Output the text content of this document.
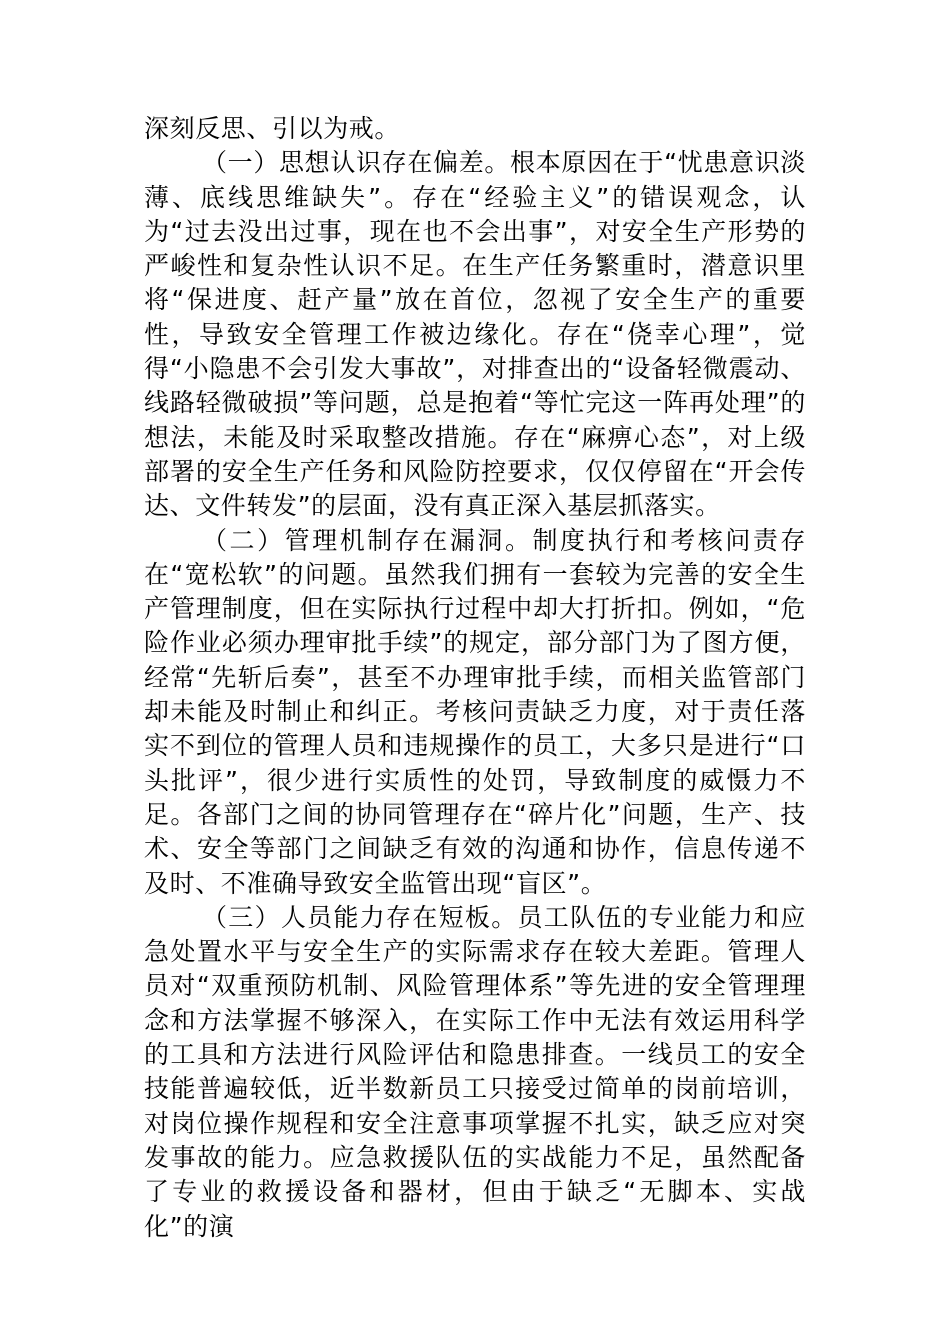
深刻反思、引以为戒。

（一）思想认识存在偏差。根本原因在于“忧患意识淡薄、底线思维缺失”。存在“经验主义”的错误观念，认为“过去没出过事，现在也不会出事”，对安全生产形势的严峻性和复杂性认识不足。在生产任务繁重时，潜意识里将“保进度、赶产量”放在首位，忽视了安全生产的重要性，导致安全管理工作被边缘化。存在“侥幸心理”，觉得“小隐患不会引发大事故”，对排查出的“设备轻微震动、线路轻微破损”等问题，总是抱着“等忙完这一阵再处理”的想法，未能及时采取整改措施。存在“麻痹心态”，对上级部署的安全生产任务和风险防控要求，仅仅停留在“开会传达、文件转发”的层面，没有真正深入基层抓落实。

（二）管理机制存在漏洞。制度执行和考核问责存在“宽松软”的问题。虽然我们拥有一套较为完善的安全生产管理制度，但在实际执行过程中却大打折扣。例如，“危险作业必须办理审批手续”的规定，部分部门为了图方便，经常“先斩后奏”，甚至不办理审批手续，而相关监管部门却未能及时制止和纠正。考核问责缺乏力度，对于责任落实不到位的管理人员和违规操作的员工，大多只是进行“口头批评”，很少进行实质性的处罚，导致制度的威慑力不足。各部门之间的协同管理存在“碎片化”问题，生产、技术、安全等部门之间缺乏有效的沟通和协作，信息传递不及时、不准确导致安全监管出现“盲区”。

（三）人员能力存在短板。员工队伍的专业能力和应急处置水平与安全生产的实际需求存在较大差距。管理人员对“双重预防机制、风险管理体系”等先进的安全管理理念和方法掌握不够深入，在实际工作中无法有效运用科学的工具和方法进行风险评估和隐患排查。一线员工的安全技能普遍较低，近半数新员工只接受过简单的岗前培训，对岗位操作规程和安全注意事项掌握不扎实，缺乏应对突发事故的能力。应急救援队伍的实战能力不足，虽然配备了专业的救援设备和器材，但由于缺乏“无脚本、实战化”的演
